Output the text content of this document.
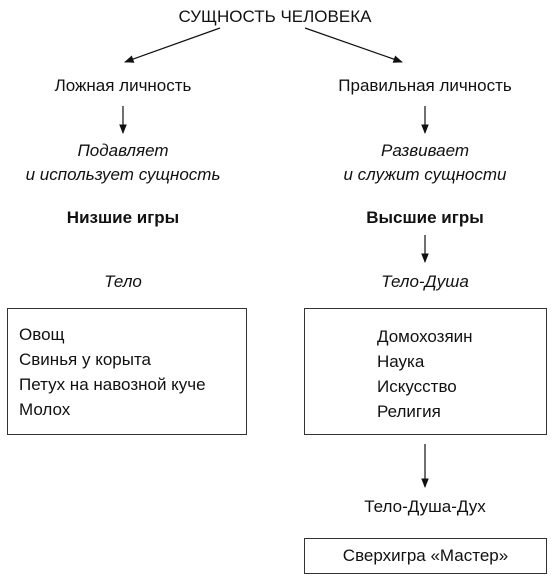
СУЩНОСТЬ ЧЕЛОВЕКА
Ложная личность
Подавляет
и использует сущность
Низшие игры
Тело
Овощ
Свинья у корыта
Петух на навозной куче
Молох
Правильная личность
Развивает
и служит сущности
Высшие игры
Тело-Душа
Домохозяин
Наука
Искусство
Религия
Тело-Душа-Дух
Сверхигра «Мастер»
